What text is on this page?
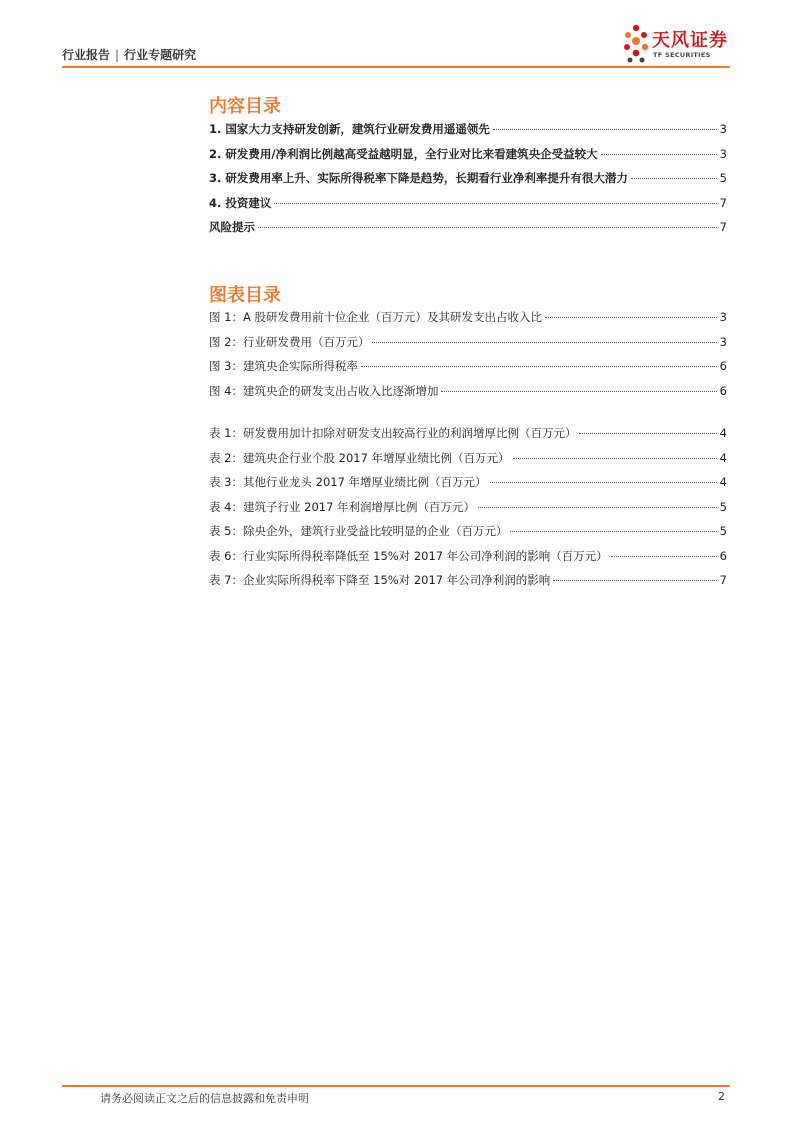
行业报告 | 行业专题研究
天风证券
TF SECURITIES
内容目录
1. 国家大力支持研发创新，建筑行业研发费用遥遥领先	3
2. 研发费用/净利润比例越高受益越明显，全行业对比来看建筑央企受益较大	3
3. 研发费用率上升、实际所得税率下降是趋势，长期看行业净利率提升有很大潜力	5
4. 投资建议	7
风险提示	7
图表目录
图 1：A 股研发费用前十位企业（百万元）及其研发支出占收入比	3
图 2：行业研发费用（百万元）	3
图 3：建筑央企实际所得税率	6
图 4：建筑央企的研发支出占收入比逐渐增加	6
表 1：研发费用加计扣除对研发支出较高行业的利润增厚比例（百万元）	4
表 2：建筑央企行业个股 2017 年增厚业绩比例（百万元）	4
表 3：其他行业龙头 2017 年增厚业绩比例（百万元）	4
表 4：建筑子行业 2017 年利润增厚比例（百万元）	5
表 5：除央企外，建筑行业受益比较明显的企业（百万元）	5
表 6：行业实际所得税率降低至 15%对 2017 年公司净利润的影响（百万元）	6
表 7：企业实际所得税率下降至 15%对 2017 年公司净利润的影响	7
请务必阅读正文之后的信息披露和免责申明	2
